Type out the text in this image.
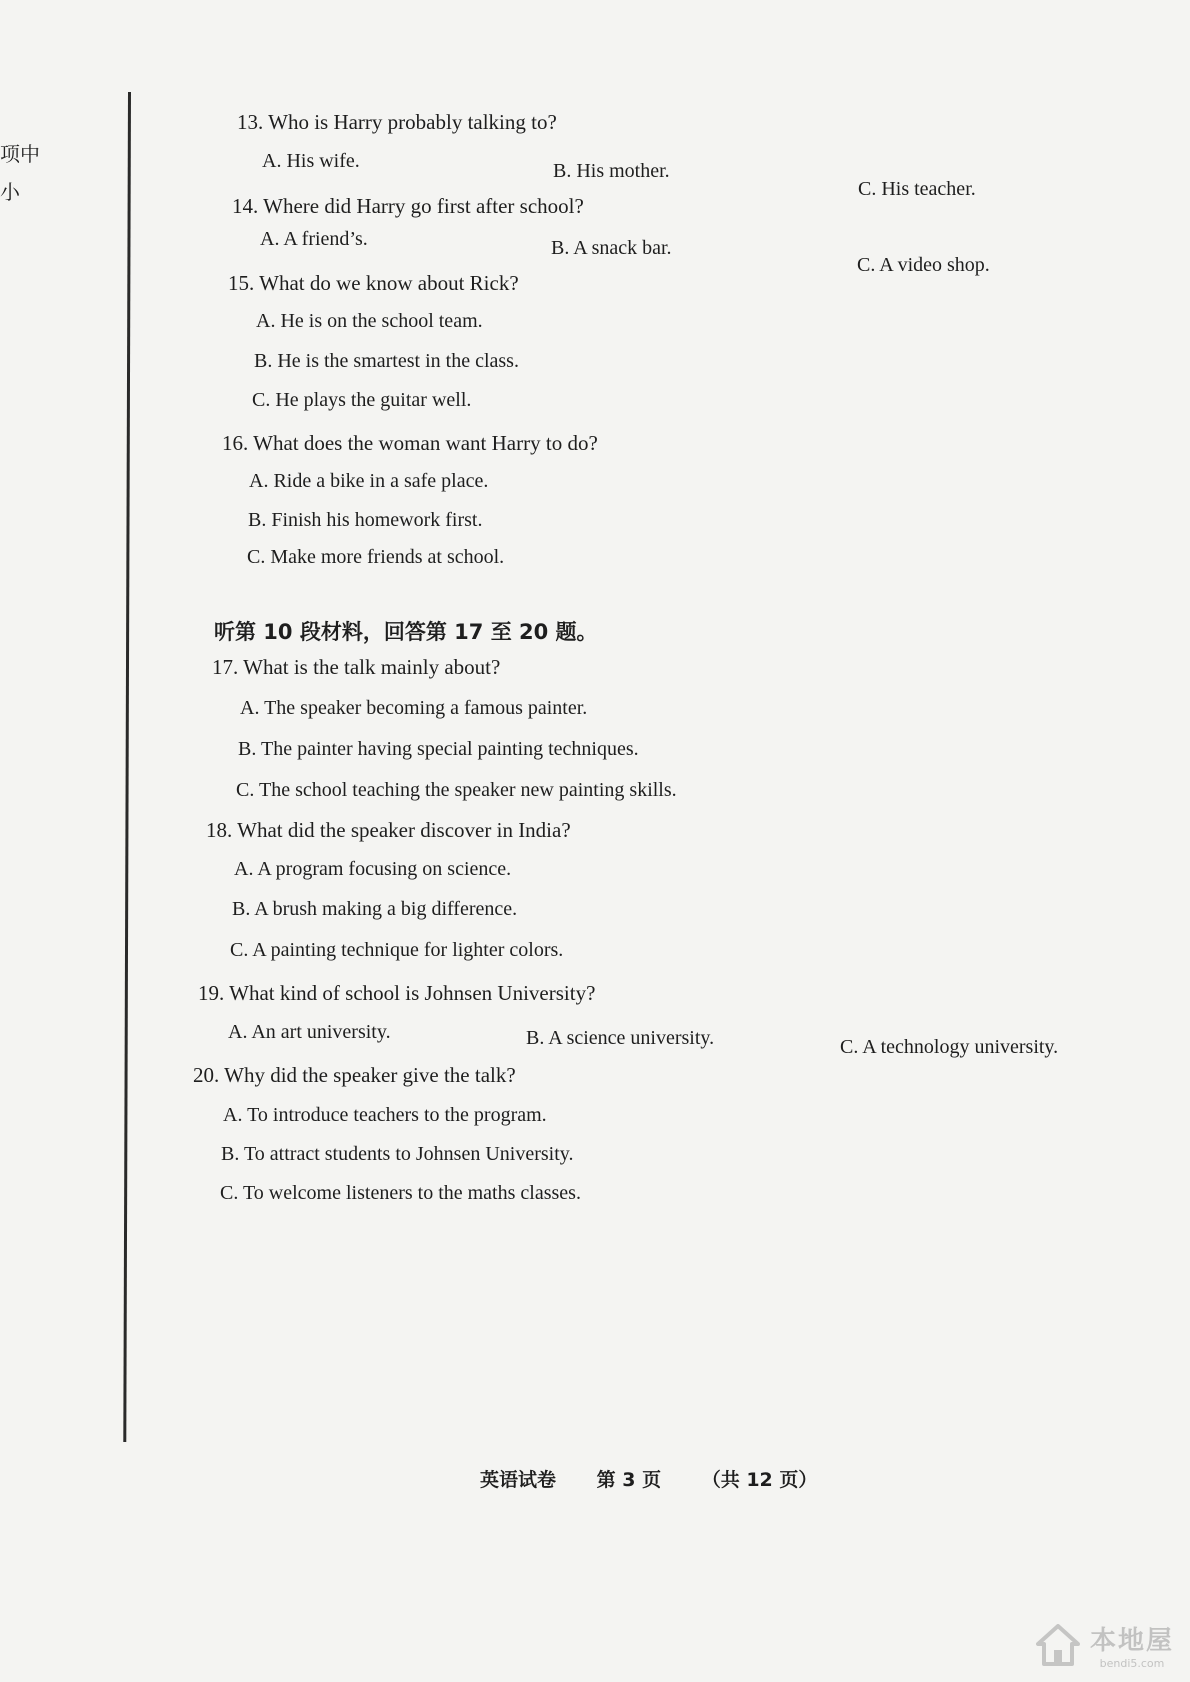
项中
小
13. Who is Harry probably talking to?
A. His wife.	B. His mother.
C. His teacher.
14. Where did Harry go first after school?
A. A friend’s.	B. A snack bar.
C. A video shop.
15. What do we know about Rick?
A. He is on the school team.
B. He is the smartest in the class.
C. He plays the guitar well.
16. What does the woman want Harry to do?
A. Ride a bike in a safe place.
B. Finish his homework first.
C. Make more friends at school.
听第 10 段材料，回答第 17 至 20 题。
17. What is the talk mainly about?
A. The speaker becoming a famous painter.
B. The painter having special painting techniques.
C. The school teaching the speaker new painting skills.
18. What did the speaker discover in India?
A. A program focusing on science.
B. A brush making a big difference.
C. A painting technique for lighter colors.
19. What kind of school is Johnsen University?
A. An art university.	B. A science university.	C. A technology university.
20. Why did the speaker give the talk?
A. To introduce teachers to the program.
B. To attract students to Johnsen University.
C. To welcome listeners to the maths classes.
英语试卷 第 3 页 （共 12 页）
本地屋
bendi5.com
